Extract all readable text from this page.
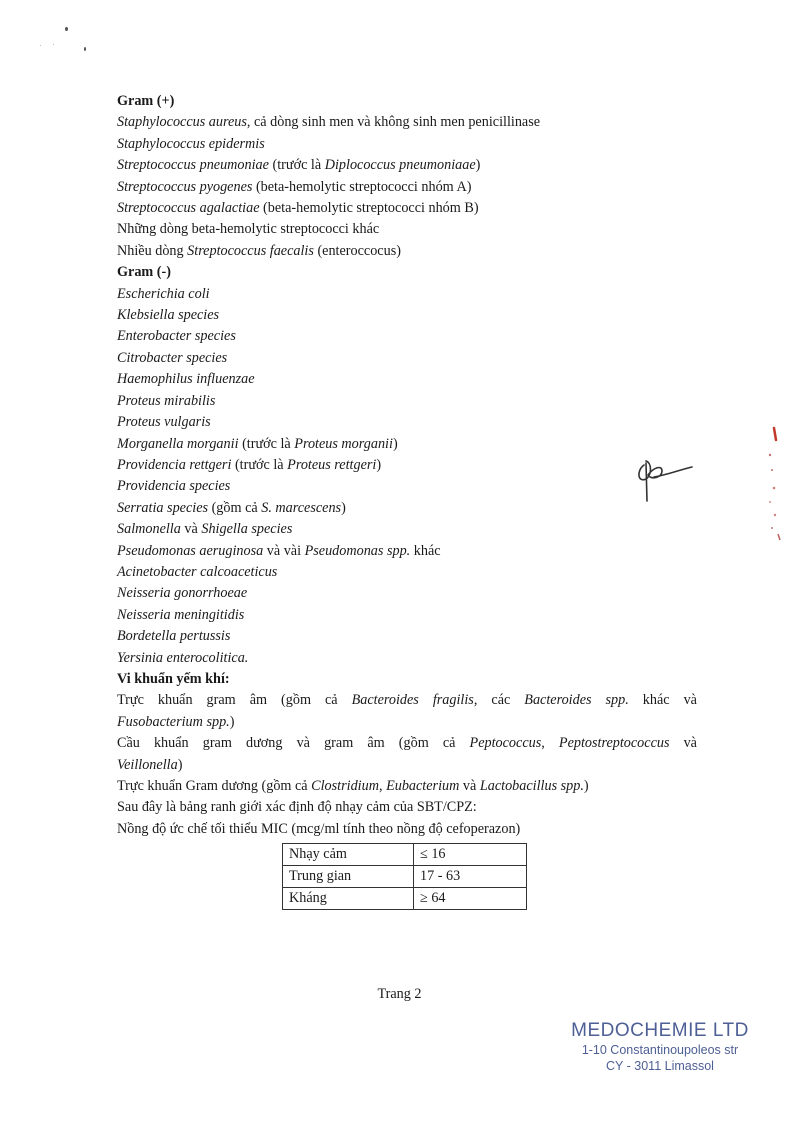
Gram (+)

Staphylococcus aureus, cả dòng sinh men và không sinh men penicillinase

Staphylococcus epidermis

Streptococcus pneumoniae (trước là Diplococcus pneumoniaae)

Streptococcus pyogenes (beta-hemolytic streptococci nhóm A)

Streptococcus agalactiae (beta-hemolytic streptococci nhóm B)

Những dòng beta-hemolytic streptococci khác

Nhiều dòng Streptococcus faecalis (enteroccocus)

Gram (-)

Escherichia coli

Klebsiella species

Enterobacter species

Citrobacter species

Haemophilus influenzae

Proteus mirabilis

Proteus vulgaris

Morganella morganii (trước là Proteus morganii)

Providencia rettgeri (trước là Proteus rettgeri)

Providencia species

Serratia species (gồm cả S. marcescens)

Salmonella và Shigella species

Pseudomonas aeruginosa và vài Pseudomonas spp. khác

Acinetobacter calcoaceticus

Neisseria gonorrhoeae

Neisseria meningitidis

Bordetella pertussis

Yersinia enterocolitica.

Vi khuẩn yếm khí:

Trực khuẩn gram âm (gồm cả Bacteroides fragilis, các Bacteroides spp. khác và

Fusobacterium spp.)

Cầu khuẩn gram dương và gram âm (gồm cả Peptococcus, Peptostreptococcus và

Veillonella)

Trực khuẩn Gram dương (gồm cả Clostridium, Eubacterium và Lactobacillus spp.)

Sau đây là bảng ranh giới xác định độ nhạy cảm của SBT/CPZ:

Nồng độ ức chế tối thiểu MIC (mcg/ml tính theo nồng độ cefoperazon)

Nhạy cảm	≤ 16
Trung gian	17 - 63
Kháng	≥ 64
Trang 2
MEDOCHEMIE LTD
1-10 Constantinoupoleos str
CY - 3011 Limassol
